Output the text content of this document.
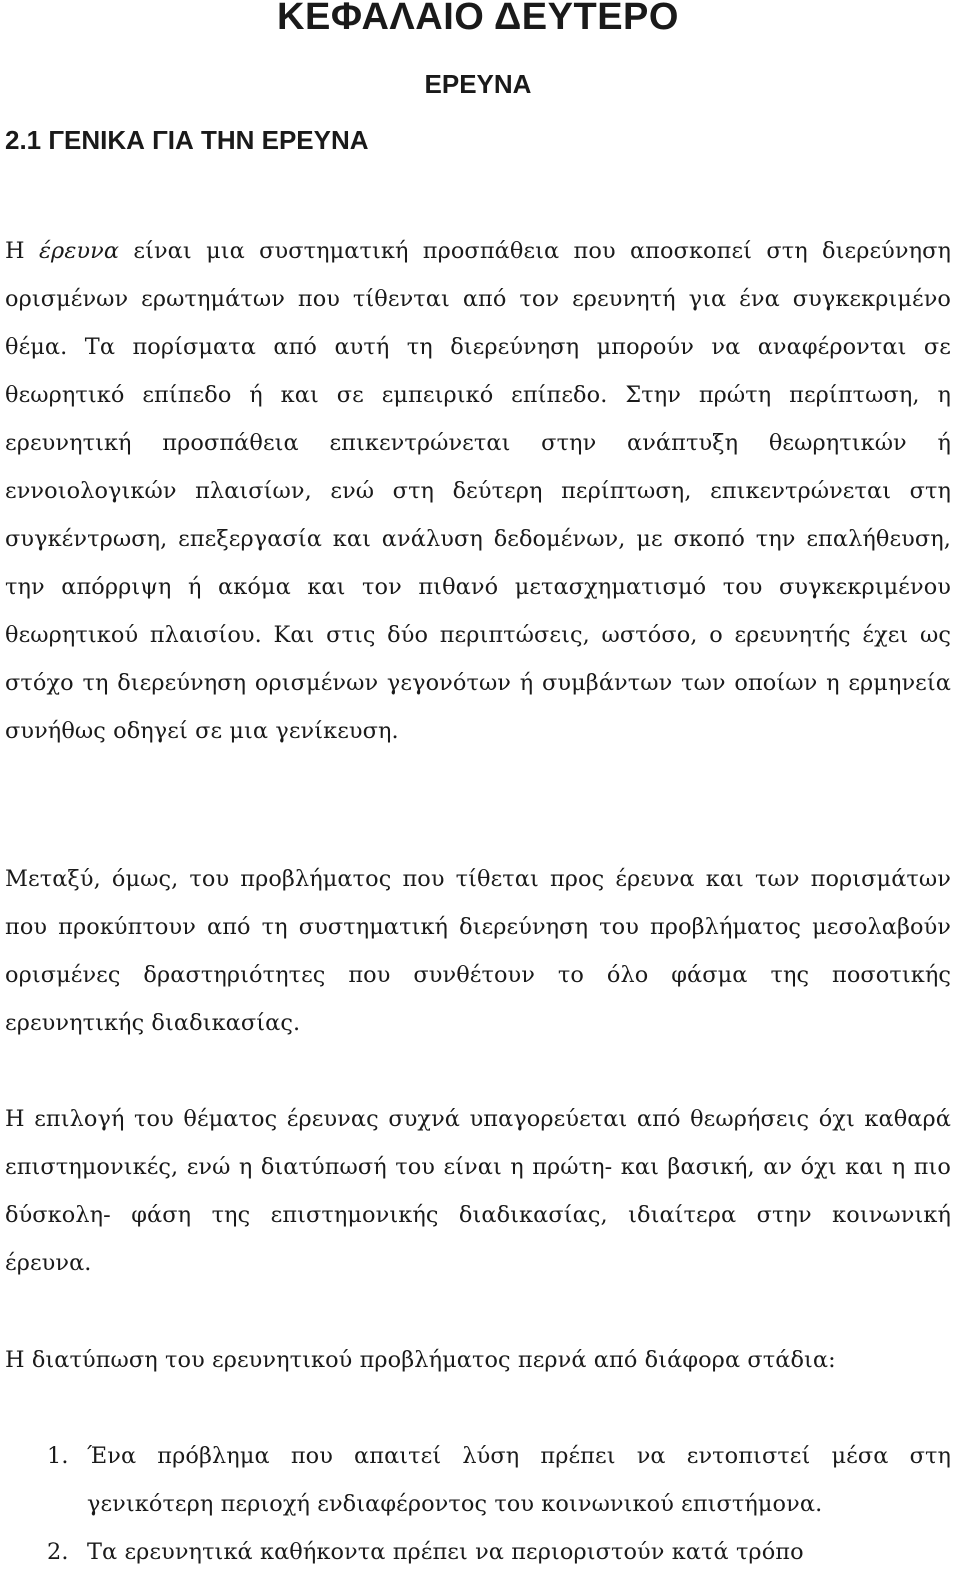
ΚΕΦΑΛΑΙΟ ΔΕΥΤΕΡΟ
ΕΡΕΥΝΑ
2.1 ΓΕΝΙΚΑ ΓΙΑ ΤΗΝ ΕΡΕΥΝΑ

Η έρευνα είναι μια συστηματική προσπάθεια που αποσκοπεί στη διερεύνηση ορισμένων ερωτημάτων που τίθενται από τον ερευνητή για ένα συγκεκριμένο θέμα. Τα πορίσματα από αυτή τη διερεύνηση μπορούν να αναφέρονται σε θεωρητικό επίπεδο ή και σε εμπειρικό επίπεδο. Στην πρώτη περίπτωση, η ερευνητική προσπάθεια επικεντρώνεται στην ανάπτυξη θεωρητικών ή εννοιολογικών πλαισίων, ενώ στη δεύτερη περίπτωση, επικεντρώνεται στη συγκέντρωση, επεξεργασία και ανάλυση δεδομένων, με σκοπό την επαλήθευση, την απόρριψη ή ακόμα και τον πιθανό μετασχηματισμό του συγκεκριμένου θεωρητικού πλαισίου. Και στις δύο περιπτώσεις, ωστόσο, ο ερευνητής έχει ως στόχο τη διερεύνηση ορισμένων γεγονότων ή συμβάντων των οποίων η ερμηνεία συνήθως οδηγεί σε μια γενίκευση.

Μεταξύ, όμως, του προβλήματος που τίθεται προς έρευνα και των πορισμάτων που προκύπτουν από τη συστηματική διερεύνηση του προβλήματος μεσολαβούν ορισμένες δραστηριότητες που συνθέτουν το όλο φάσμα της ποσοτικής ερευνητικής διαδικασίας.

Η επιλογή του θέματος έρευνας συχνά υπαγορεύεται από θεωρήσεις όχι καθαρά επιστημονικές, ενώ η διατύπωσή του είναι η πρώτη- και βασική, αν όχι και η πιο δύσκολη- φάση της επιστημονικής διαδικασίας, ιδιαίτερα στην κοινωνική έρευνα.

Η διατύπωση του ερευνητικού προβλήματος περνά από διάφορα στάδια:

1. Ένα πρόβλημα που απαιτεί λύση πρέπει να εντοπιστεί μέσα στη γενικότερη περιοχή ενδιαφέροντος του κοινωνικού επιστήμονα.
2. Τα ερευνητικά καθήκοντα πρέπει να περιοριστούν κατά τρόπο
